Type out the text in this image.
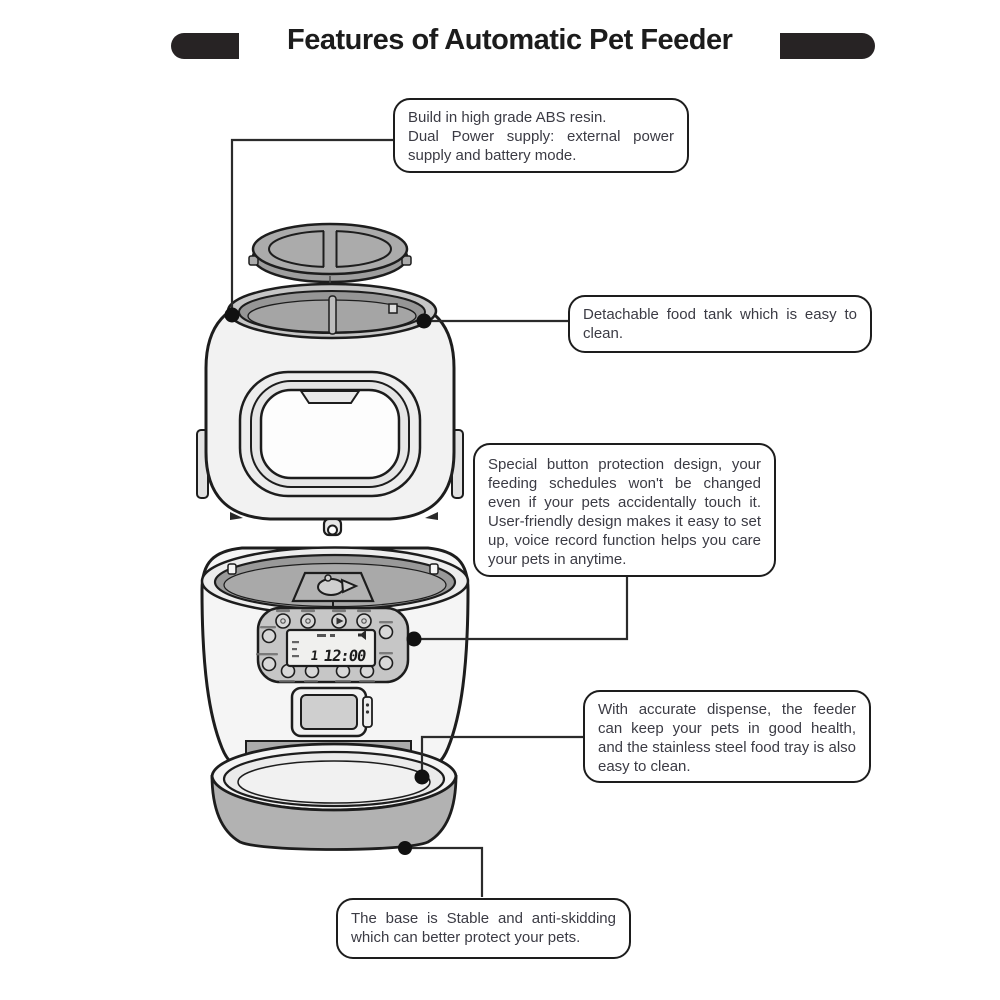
1 12:00
Features of Automatic Pet Feeder

Build in high grade ABS resin.

Dual Power supply: external power supply and battery mode.

Detachable food tank which is easy to clean.

Special button protection design, your feeding schedules won't be changed even if your pets accidentally touch it. User-friendly design makes it easy to set up, voice record function helps you care your pets in anytime.

With accurate dispense, the feeder can keep your pets in good health, and the stainless steel food tray is also easy to clean.

The base is Stable and anti-skidding which can better protect your pets.
